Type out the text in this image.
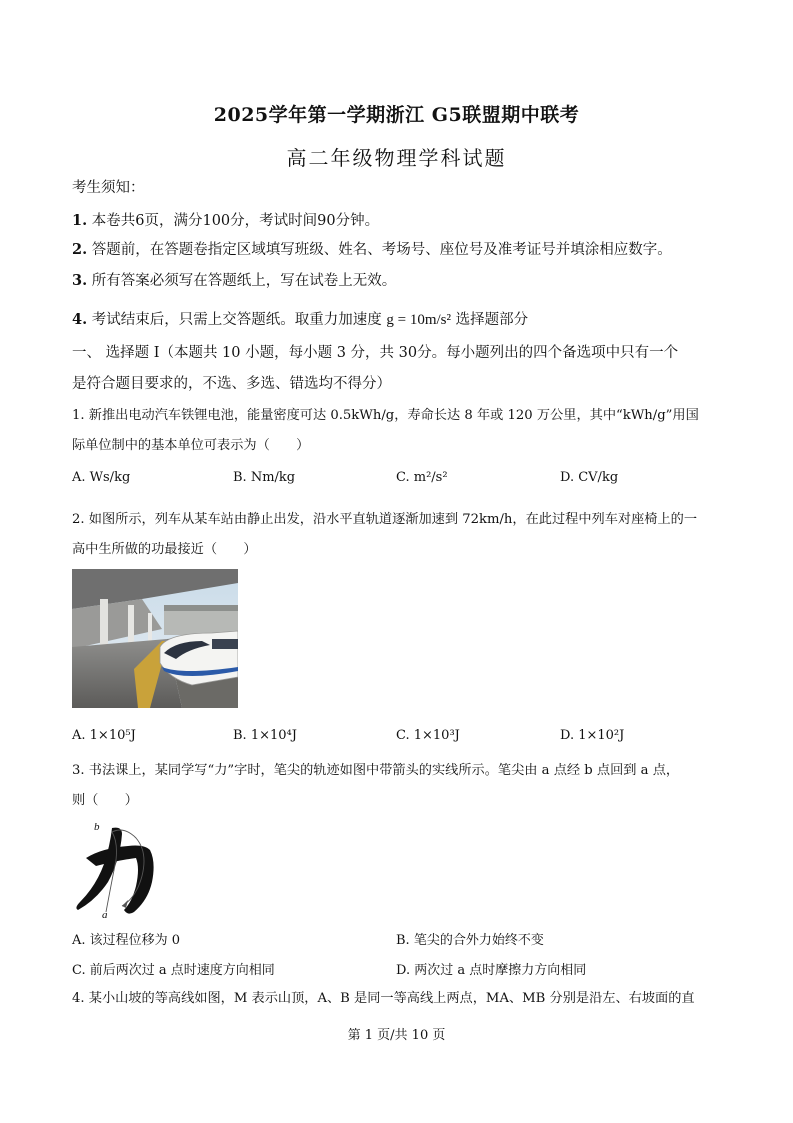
2025学年第一学期浙江 G5联盟期中联考
高二年级物理学科试题
考生须知：
1. 本卷共6页，满分100分，考试时间90分钟。
2. 答题前，在答题卷指定区域填写班级、姓名、考场号、座位号及准考证号并填涂相应数字。
3. 所有答案必须写在答题纸上，写在试卷上无效。
4. 考试结束后，只需上交答题纸。取重力加速度 g = 10m/s² 选择题部分
一、 选择题 I（本题共 10 小题，每小题 3 分，共 30分。每小题列出的四个备选项中只有一个
是符合题目要求的，不选、多选、错选均不得分）
1. 新推出电动汽车铁锂电池，能量密度可达 0.5kWh/g，寿命长达 8 年或 120 万公里，其中“kWh/g”用国
际单位制中的基本单位可表示为（　　）
A. Ws/kg	B. Nm/kg	C. m²/s²	D. CV/kg
2. 如图所示，列车从某车站由静止出发，沿水平直轨道逐渐加速到 72km/h，在此过程中列车对座椅上的一
高中生所做的功最接近（　　）
A. 1×10⁵J	B. 1×10⁴J	C. 1×10³J	D. 1×10²J
3. 书法课上，某同学写“力”字时，笔尖的轨迹如图中带箭头的实线所示。笔尖由 a 点经 b 点回到 a 点，
则（　　）
b
a
A. 该过程位移为 0	B. 笔尖的合外力始终不变
C. 前后两次过 a 点时速度方向相同	D. 两次过 a 点时摩擦力方向相同
4. 某小山坡的等高线如图，M 表示山顶，A、B 是同一等高线上两点，MA、MB 分别是沿左、右坡面的直
第 1 页/共 10 页
